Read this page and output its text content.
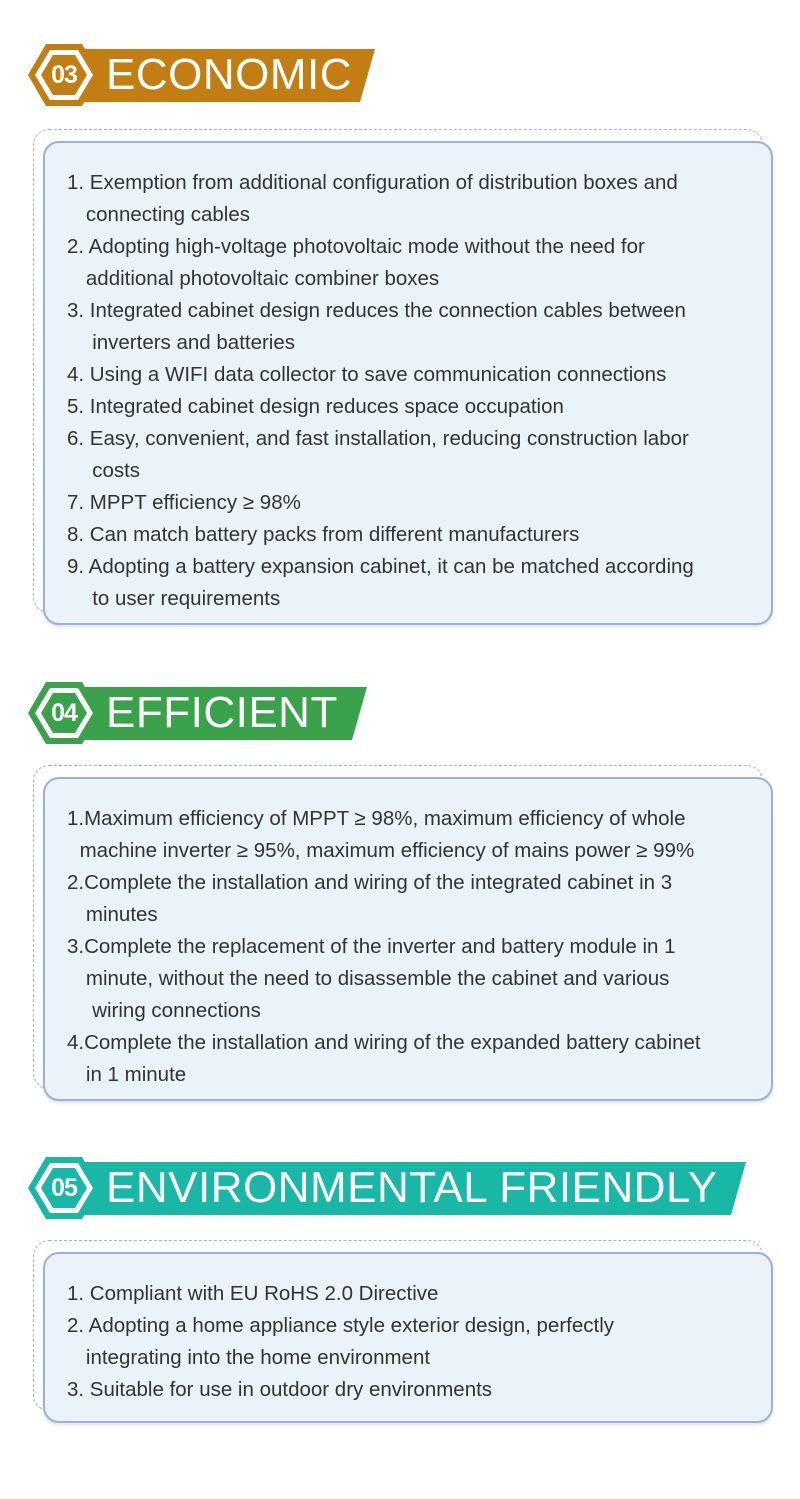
03 ECONOMIC
1. Exemption from additional configuration of distribution boxes and
connecting cables
2. Adopting high-voltage photovoltaic mode without the need for
additional photovoltaic combiner boxes
3. Integrated cabinet design reduces the connection cables between
inverters and batteries
4. Using a WIFI data collector to save communication connections
5. Integrated cabinet design reduces space occupation
6. Easy, convenient, and fast installation, reducing construction labor
costs
7. MPPT efficiency ≥ 98%
8. Can match battery packs from different manufacturers
9. Adopting a battery expansion cabinet, it can be matched according
to user requirements
04 EFFICIENT
1.Maximum efficiency of MPPT ≥ 98%, maximum efficiency of whole
machine inverter ≥ 95%, maximum efficiency of mains power ≥ 99%
2.Complete the installation and wiring of the integrated cabinet in 3
minutes
3.Complete the replacement of the inverter and battery module in 1
minute, without the need to disassemble the cabinet and various
wiring connections
4.Complete the installation and wiring of the expanded battery cabinet
in 1 minute
05 ENVIRONMENTAL FRIENDLY
1. Compliant with EU RoHS 2.0 Directive
2. Adopting a home appliance style exterior design, perfectly
integrating into the home environment
3. Suitable for use in outdoor dry environments
